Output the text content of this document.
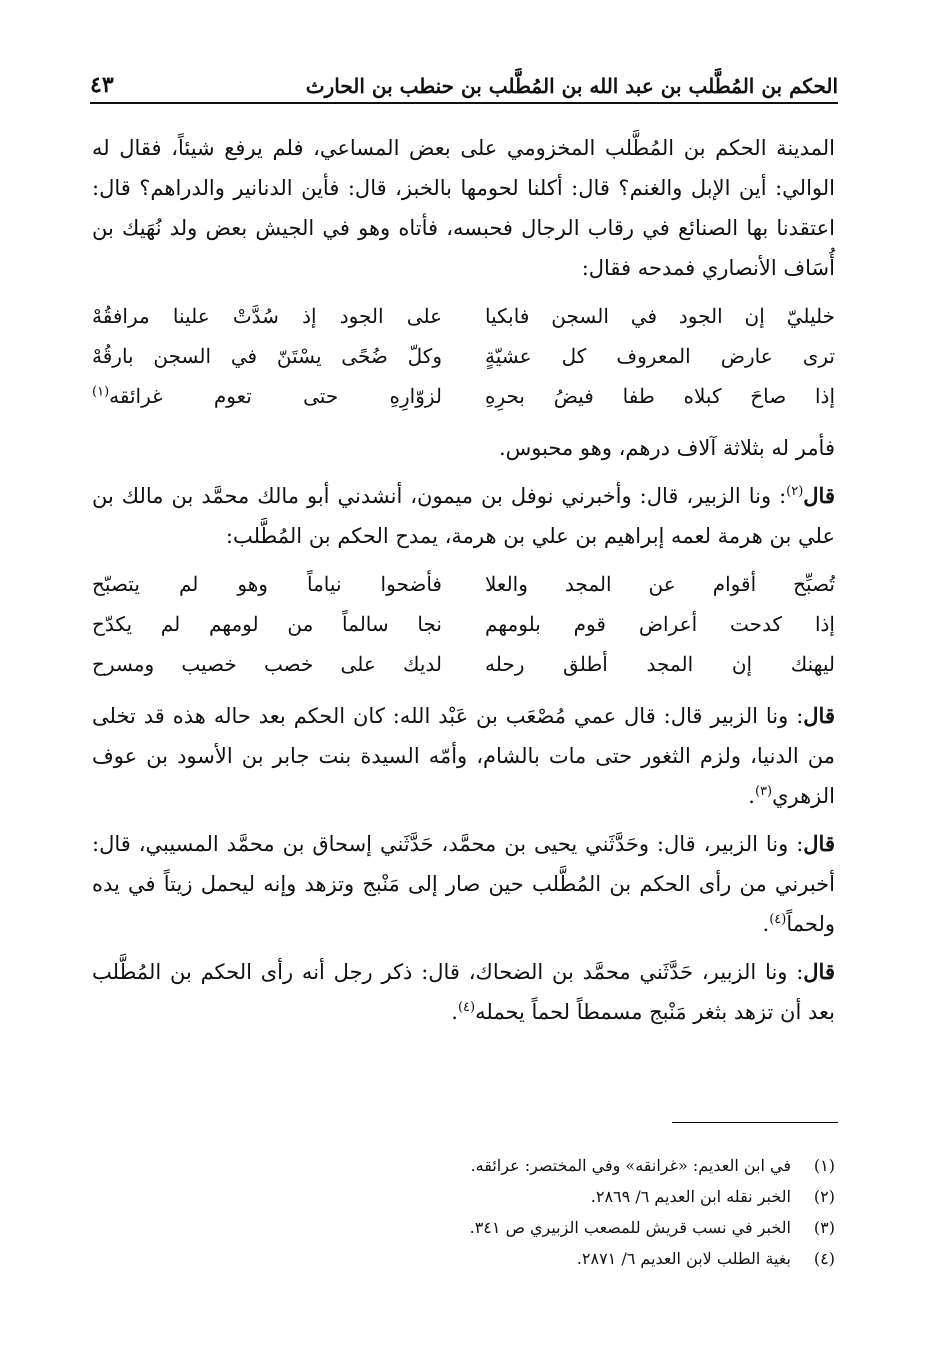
الحكم بن المُطَّلب بن عبد الله بن المُطَّلب بن حنطب بن الحارث
٤٣

المدينة الحكم بن المُطَّلب المخزومي على بعض المساعي، فلم يرفع شيئاً، فقال له الوالي: أين الإبل والغنم؟ قال: أكلنا لحومها بالخبز، قال: فأين الدنانير والدراهم؟ قال: اعتقدنا بها الصنائع في رقاب الرجال فحبسه، فأتاه وهو في الجيش بعض ولد نُهَيك بن أُسَاف الأنصاري فمدحه فقال:

خليليّ إن الجود في السجن فابكيا
على الجود إذ سُدَّتْ علينا مرافقُهْ
ترى عارض المعروف كل عشيّةٍ
وكلّ ضُحًى يسْتَنّ في السجن بارقُهْ
إذا صاحَ كبلاه طفا فيضُ بحرِهِ
لزوّارِهِ حتى تعوم غرائقه$^{(١)}$

فأمر له بثلاثة آلاف درهم، وهو محبوس.

قال$^{(٢)}$: ونا الزبير، قال: وأخبرني نوفل بن ميمون، أنشدني أبو مالك محمَّد بن مالك بن علي بن هرمة لعمه إبراهيم بن علي بن هرمة، يمدح الحكم بن المُطَّلب:

تُصبِّح أقوام عن المجد والعلا
فأضحوا نياماً وهو لم يتصبّح
إذا كدحت أعراض قوم بلومهم
نجا سالماً من لومهم لم يكدّح
ليهنك إن المجد أطلق رحله
لديك على خصب خصيب ومسرح

قال: ونا الزبير قال: قال عمي مُصْعَب بن عَبْد الله: كان الحكم بعد حاله هذه قد تخلى من الدنيا، ولزم الثغور حتى مات بالشام، وأمّه السيدة بنت جابر بن الأسود بن عوف الزهري$^{(٣)}$.

قال: ونا الزبير، قال: وحَدَّثَني يحيى بن محمَّد، حَدَّثَني إسحاق بن محمَّد المسيبي، قال: أخبرني من رأى الحكم بن المُطَّلب حين صار إلى مَنْبج وتزهد وإنه ليحمل زيتاً في يده ولحماً$^{(٤)}$.

قال: ونا الزبير، حَدَّثَني محمَّد بن الضحاك، قال: ذكر رجل أنه رأى الحكم بن المُطَّلب بعد أن تزهد بثغر مَنْبج مسمطاً لحماً يحمله$^{(٤)}$.

(١)
في ابن العديم: «غرانقه» وفي المختصر: عرائقه.
(٢)
الخبر نقله ابن العديم ٦/ ٢٨٦٩.
(٣)
الخبر في نسب قريش للمصعب الزبيري ص ٣٤١.
(٤)
بغية الطلب لابن العديم ٦/ ٢٨٧١.
